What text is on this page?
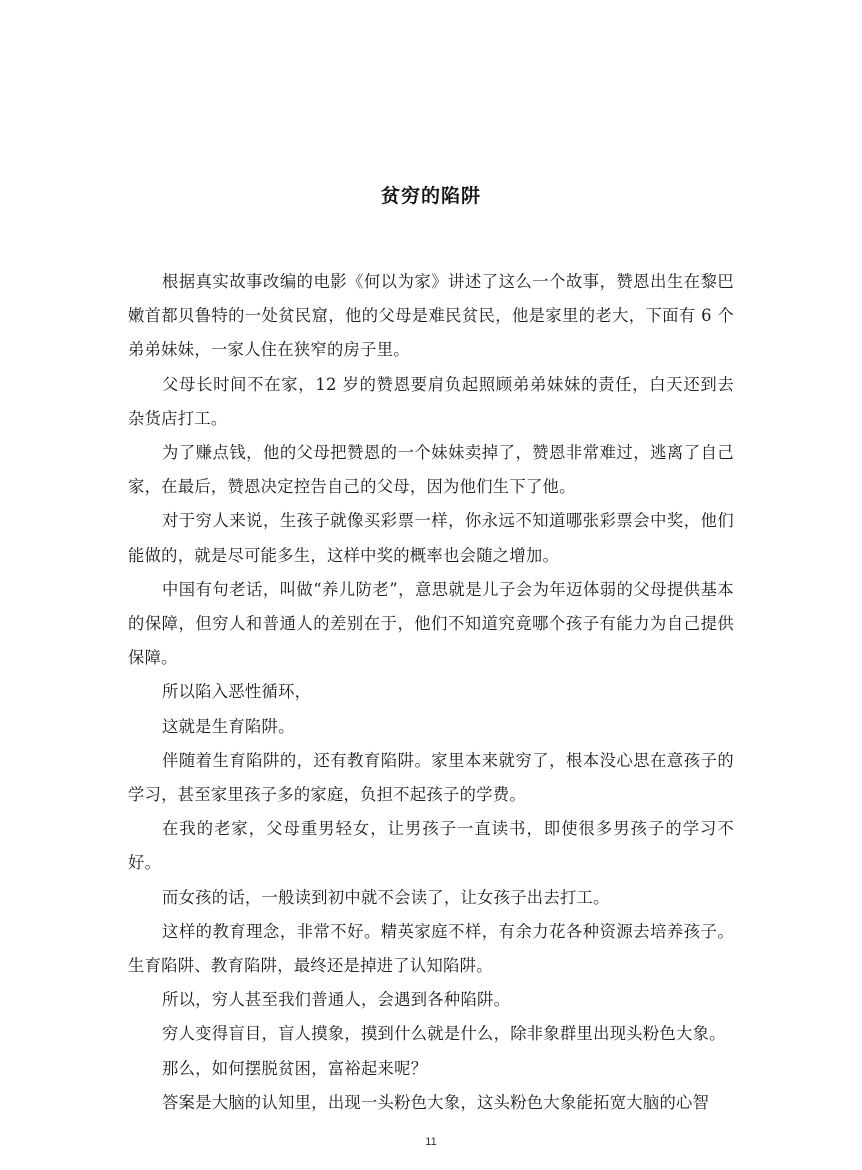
贫穷的陷阱

根据真实故事改编的电影《何以为家》讲述了这么一个故事，赞恩出生在黎巴嫩首都贝鲁特的一处贫民窟，他的父母是难民贫民，他是家里的老大，下面有 6 个弟弟妹妹，一家人住在狭窄的房子里。

父母长时间不在家，12 岁的赞恩要肩负起照顾弟弟妹妹的责任，白天还到去杂货店打工。

为了赚点钱，他的父母把赞恩的一个妹妹卖掉了，赞恩非常难过，逃离了自己家，在最后，赞恩决定控告自己的父母，因为他们生下了他。

对于穷人来说，生孩子就像买彩票一样，你永远不知道哪张彩票会中奖，他们能做的，就是尽可能多生，这样中奖的概率也会随之增加。

中国有句老话，叫做“养儿防老”，意思就是儿子会为年迈体弱的父母提供基本的保障，但穷人和普通人的差别在于，他们不知道究竟哪个孩子有能力为自己提供保障。

所以陷入恶性循环，

这就是生育陷阱。

伴随着生育陷阱的，还有教育陷阱。家里本来就穷了，根本没心思在意孩子的学习，甚至家里孩子多的家庭，负担不起孩子的学费。

在我的老家，父母重男轻女，让男孩子一直读书，即使很多男孩子的学习不好。

而女孩的话，一般读到初中就不会读了，让女孩子出去打工。

这样的教育理念，非常不好。精英家庭不样，有余力花各种资源去培养孩子。生育陷阱、教育陷阱，最终还是掉进了认知陷阱。

所以，穷人甚至我们普通人，会遇到各种陷阱。

穷人变得盲目，盲人摸象，摸到什么就是什么，除非象群里出现头粉色大象。

那么，如何摆脱贫困，富裕起来呢？

答案是大脑的认知里，出现一头粉色大象，这头粉色大象能拓宽大脑的心智

11
